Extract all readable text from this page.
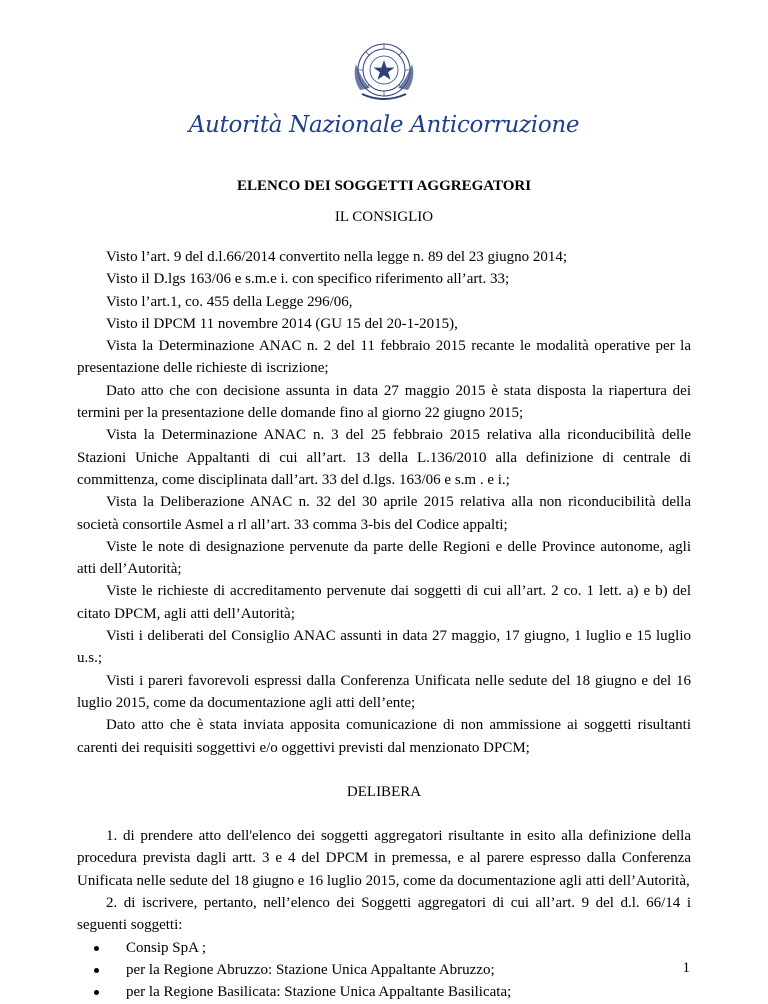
Autorità Nazionale Anticorruzione
ELENCO DEI SOGGETTI AGGREGATORI
IL CONSIGLIO

Visto l’art. 9 del d.l.66/2014 convertito nella legge n. 89 del 23 giugno 2014;

Visto il D.lgs 163/06 e s.m.e i. con specifico riferimento all’art. 33;

Visto l’art.1, co. 455 della Legge 296/06,

Visto il DPCM 11 novembre 2014 (GU 15 del 20-1-2015),

Vista la Determinazione ANAC n. 2 del 11 febbraio 2015 recante le modalità operative per la presentazione delle richieste di iscrizione;

Dato atto che con decisione assunta in data 27 maggio 2015 è stata disposta la riapertura dei termini per la presentazione delle domande fino al giorno 22 giugno 2015;

Vista la Determinazione ANAC n. 3 del 25 febbraio 2015 relativa alla riconducibilità delle Stazioni Uniche Appaltanti di cui all’art. 13 della L.136/2010 alla definizione di centrale di committenza, come disciplinata dall’art. 33 del d.lgs. 163/06 e s.m . e i.;

Vista la Deliberazione ANAC n. 32 del 30 aprile 2015 relativa alla non riconducibilità della società consortile Asmel a rl all’art. 33 comma 3-bis del Codice appalti;

Viste le note di designazione pervenute da parte delle Regioni e delle Province autonome, agli atti dell’Autorità;

Viste le richieste di accreditamento pervenute dai soggetti di cui all’art. 2 co. 1 lett. a) e b) del citato DPCM, agli atti dell’Autorità;

Visti i deliberati del Consiglio ANAC assunti in data 27 maggio, 17 giugno, 1 luglio e 15 luglio u.s.;

Visti i pareri favorevoli espressi dalla Conferenza Unificata nelle sedute del 18 giugno e del 16 luglio 2015, come da documentazione agli atti dell’ente;

Dato atto che è stata inviata apposita comunicazione di non ammissione ai soggetti risultanti carenti dei requisiti soggettivi e/o oggettivi previsti dal menzionato DPCM;

DELIBERA

1. di prendere atto dell'elenco dei soggetti aggregatori risultante in esito alla definizione della procedura prevista dagli artt. 3 e 4 del DPCM in premessa, e al parere espresso dalla Conferenza Unificata nelle sedute del 18 giugno e 16 luglio 2015, come da documentazione agli atti dell’Autorità,

2. di iscrivere, pertanto, nell’elenco dei Soggetti aggregatori di cui all’art. 9 del d.l. 66/14 i seguenti soggetti:

Consip SpA ;
per la Regione Abruzzo: Stazione Unica Appaltante Abruzzo;
per la Regione Basilicata: Stazione Unica Appaltante Basilicata;
1
